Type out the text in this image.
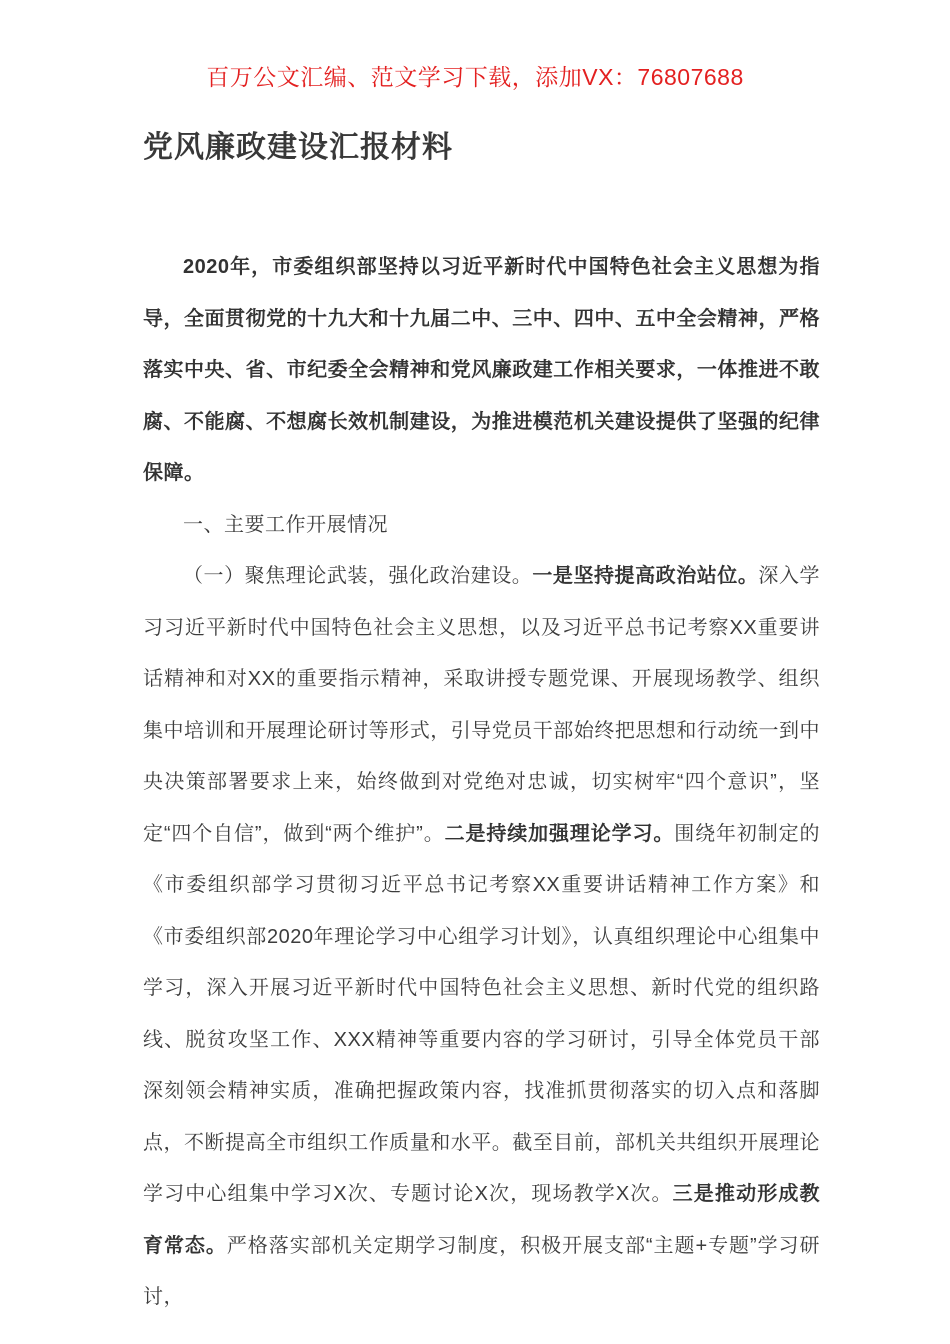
百万公文汇编、范文学习下载，添加VX：76807688
党风廉政建设汇报材料

2020年，市委组织部坚持以习近平新时代中国特色社会主义思想为指导，全面贯彻党的十九大和十九届二中、三中、四中、五中全会精神，严格落实中央、省、市纪委全会精神和党风廉政建工作相关要求，一体推进不敢腐、不能腐、不想腐长效机制建设，为推进模范机关建设提供了坚强的纪律保障。

一、主要工作开展情况

（一）聚焦理论武装，强化政治建设。一是坚持提高政治站位。深入学习习近平新时代中国特色社会主义思想，以及习近平总书记考察XX重要讲话精神和对XX的重要指示精神，采取讲授专题党课、开展现场教学、组织集中培训和开展理论研讨等形式，引导党员干部始终把思想和行动统一到中央决策部署要求上来，始终做到对党绝对忠诚，切实树牢“四个意识”，坚定“四个自信”，做到“两个维护”。二是持续加强理论学习。围绕年初制定的《市委组织部学习贯彻习近平总书记考察XX重要讲话精神工作方案》和《市委组织部2020年理论学习中心组学习计划》，认真组织理论中心组集中学习，深入开展习近平新时代中国特色社会主义思想、新时代党的组织路线、脱贫攻坚工作、XXX精神等重要内容的学习研讨，引导全体党员干部深刻领会精神实质，准确把握政策内容，找准抓贯彻落实的切入点和落脚点，不断提高全市组织工作质量和水平。截至目前，部机关共组织开展理论学习中心组集中学习X次、专题讨论X次，现场教学X次。三是推动形成教育常态。严格落实部机关定期学习制度，积极开展支部“主题+专题”学习研讨，
